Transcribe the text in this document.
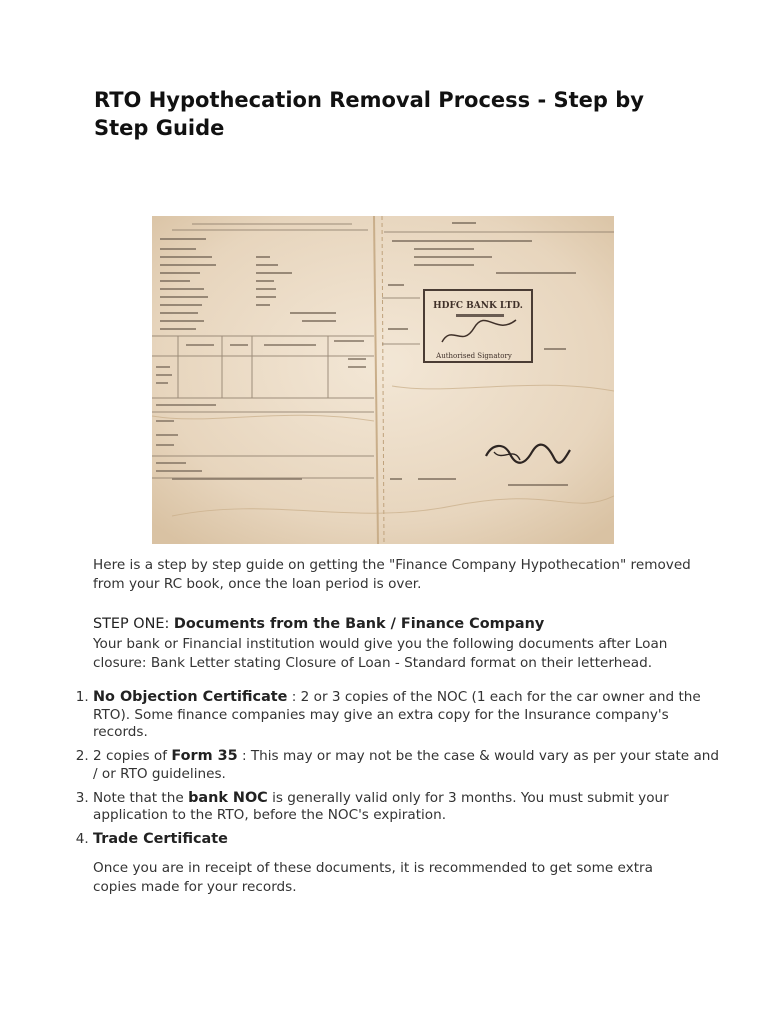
RTO Hypothecation Removal Process - Step by Step Guide
HDFC BANK LTD.
Authorised Signatory

Here is a step by step guide on getting the "Finance Company Hypothecation" removed from your RC book, once the loan period is over.

STEP ONE: Documents from the Bank / Finance Company

Your bank or Financial institution would give you the following documents after Loan closure: Bank Letter stating Closure of Loan - Standard format on their letterhead.

1. No Objection Certificate : 2 or 3 copies of the NOC (1 each for the car owner and the RTO). Some finance companies may give an extra copy for the Insurance company's records.
2. 2 copies of Form 35 : This may or may not be the case & would vary as per your state and / or RTO guidelines.
3. Note that the bank NOC is generally valid only for 3 months. You must submit your application to the RTO, before the NOC's expiration.
4. Trade Certificate

Once you are in receipt of these documents, it is recommended to get some extra copies made for your records.
